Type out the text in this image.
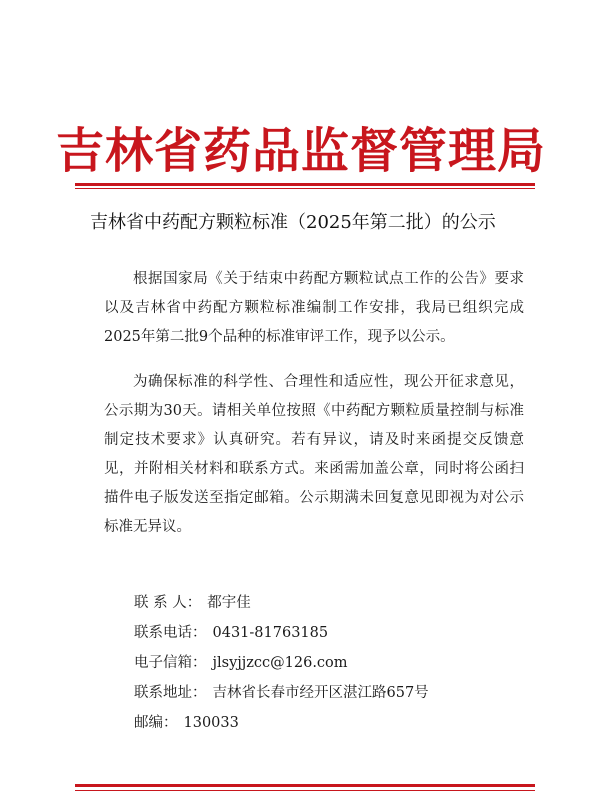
吉林省药品监督管理局
吉林省中药配方颗粒标准（2025年第二批）的公示

根据国家局《关于结束中药配方颗粒试点工作的公告》要求以及吉林省中药配方颗粒标准编制工作安排，我局已组织完成2025年第二批9个品种的标准审评工作，现予以公示。

为确保标准的科学性、合理性和适应性，现公开征求意见，公示期为30天。请相关单位按照《中药配方颗粒质量控制与标准制定技术要求》认真研究。若有异议，请及时来函提交反馈意见，并附相关材料和联系方式。来函需加盖公章，同时将公函扫描件电子版发送至指定邮箱。公示期满未回复意见即视为对公示标准无异议。

联 系 人： 都宇佳
联系电话： 0431-81763185
电子信箱： jlsyjjzcc@126.com
联系地址： 吉林省长春市经开区湛江路657号
邮编： 130033
